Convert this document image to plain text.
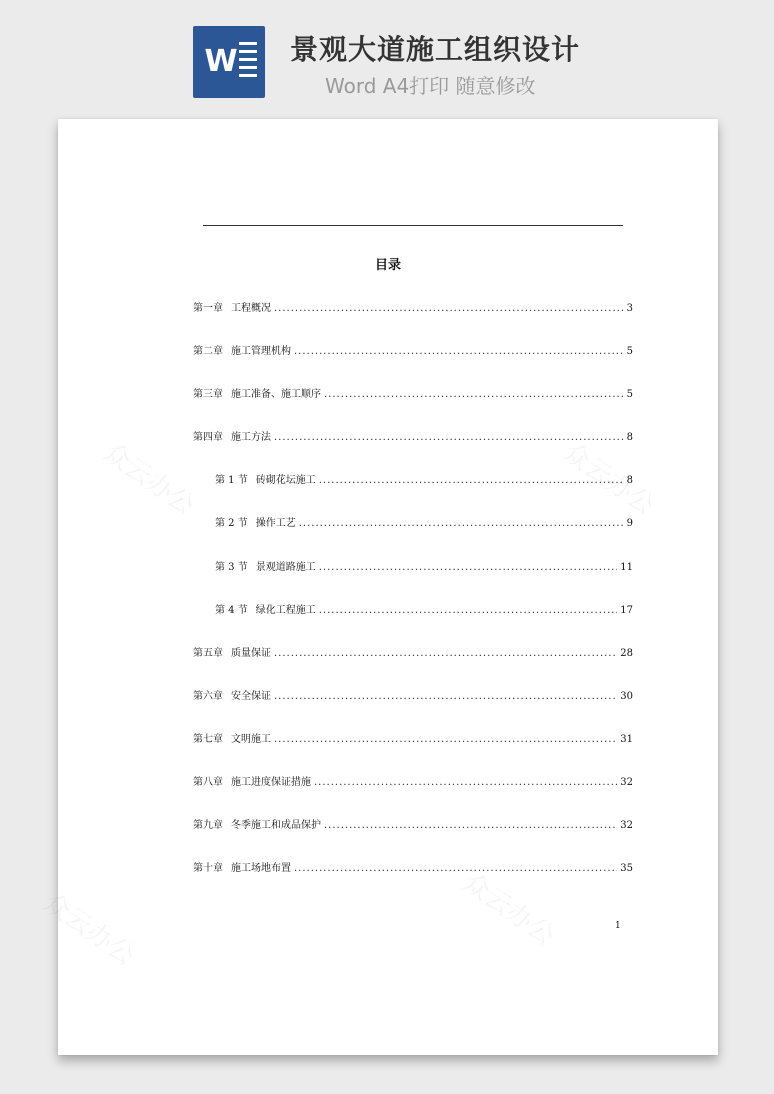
W 景观大道施工组织设计
Word A4打印 随意修改
目录
第一章 工程概况 .....	3
第二章 施工管理机构 .....	5
第三章 施工准备、施工顺序 .....	5
第四章 施工方法 .....	8
第 1 节 砖砌花坛施工 .....	8
第 2 节 操作工艺 .....	9
第 3 节 景观道路施工 .....	11
第 4 节 绿化工程施工 .....	17
第五章 质量保证 .....	28
第六章 安全保证 .....	30
第七章 文明施工 .....	31
第八章 施工进度保证措施 .....	32
第九章 冬季施工和成品保护 .....	32
第十章 施工场地布置 .....	35
1
